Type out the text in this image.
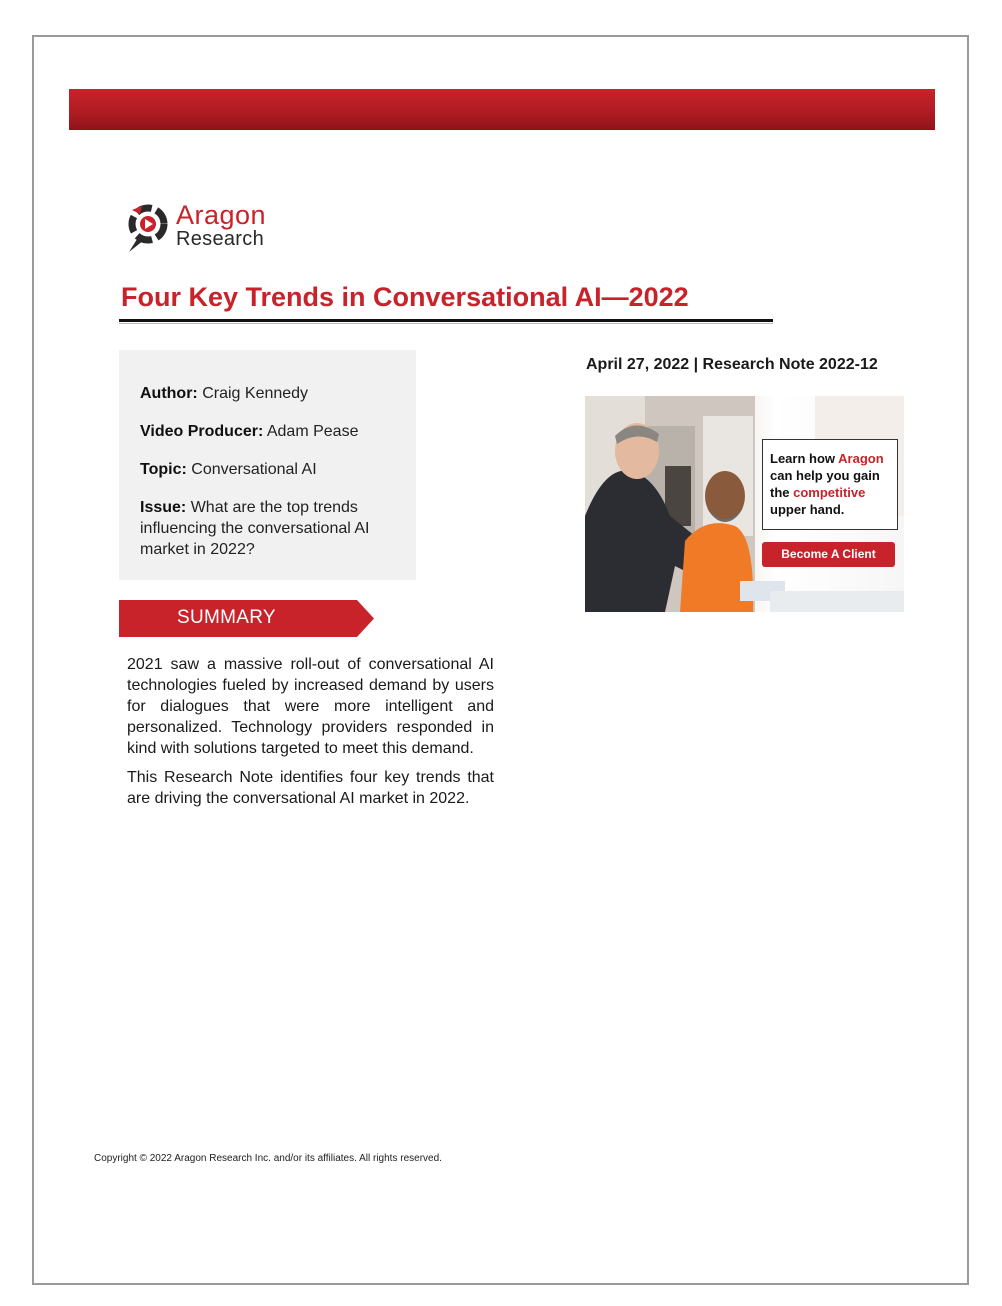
Aragon
Research
Four Key Trends in Conversational AI—2022
Author: Craig Kennedy
Video Producer: Adam Pease
Topic: Conversational AI
Issue: What are the top trends influencing the conversational AI market in 2022?
April 27, 2022 | Research Note 2022-12
Learn how Aragon
can help you gain
the competitive
upper hand.
Become A Client
SUMMARY

2021 saw a massive roll-out of conversational AI technologies fueled by increased demand by users for dialogues that were more intelligent and personalized. Technology providers responded in kind with solutions targeted to meet this demand.

This Research Note identifies four key trends that are driving the conversational AI market in 2022.

Copyright © 2022 Aragon Research Inc. and/or its affiliates. All rights reserved.
